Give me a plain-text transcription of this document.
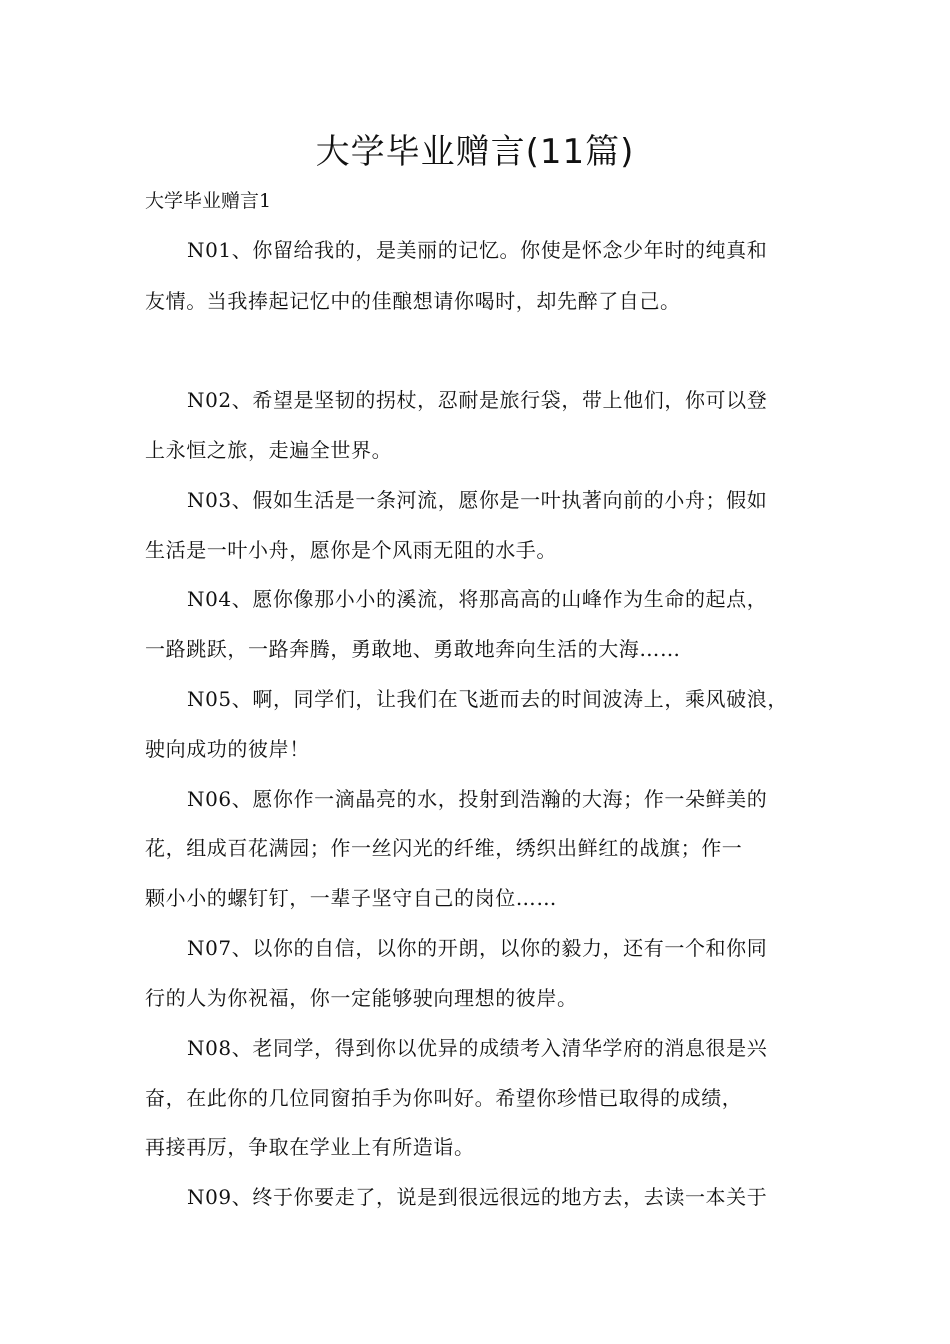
大学毕业赠言(11篇)
大学毕业赠言1
N01、你留给我的，是美丽的记忆。你使是怀念少年时的纯真和
友情。当我捧起记忆中的佳酿想请你喝时，却先醉了自己。
N02、希望是坚韧的拐杖，忍耐是旅行袋，带上他们，你可以登
上永恒之旅，走遍全世界。
N03、假如生活是一条河流，愿你是一叶执著向前的小舟；假如
生活是一叶小舟，愿你是个风雨无阻的水手。
N04、愿你像那小小的溪流，将那高高的山峰作为生命的起点，
一路跳跃，一路奔腾，勇敢地、勇敢地奔向生活的大海……
N05、啊，同学们，让我们在飞逝而去的时间波涛上，乘风破浪，
驶向成功的彼岸！
N06、愿你作一滴晶亮的水，投射到浩瀚的大海；作一朵鲜美的
花，组成百花满园；作一丝闪光的纤维，绣织出鲜红的战旗；作一
颗小小的螺钉钉，一辈子坚守自己的岗位……
N07、以你的自信，以你的开朗，以你的毅力，还有一个和你同
行的人为你祝福，你一定能够驶向理想的彼岸。
N08、老同学，得到你以优异的成绩考入清华学府的消息很是兴
奋，在此你的几位同窗拍手为你叫好。希望你珍惜已取得的成绩，
再接再厉，争取在学业上有所造诣。
N09、终于你要走了，说是到很远很远的地方去，去读一本关于
